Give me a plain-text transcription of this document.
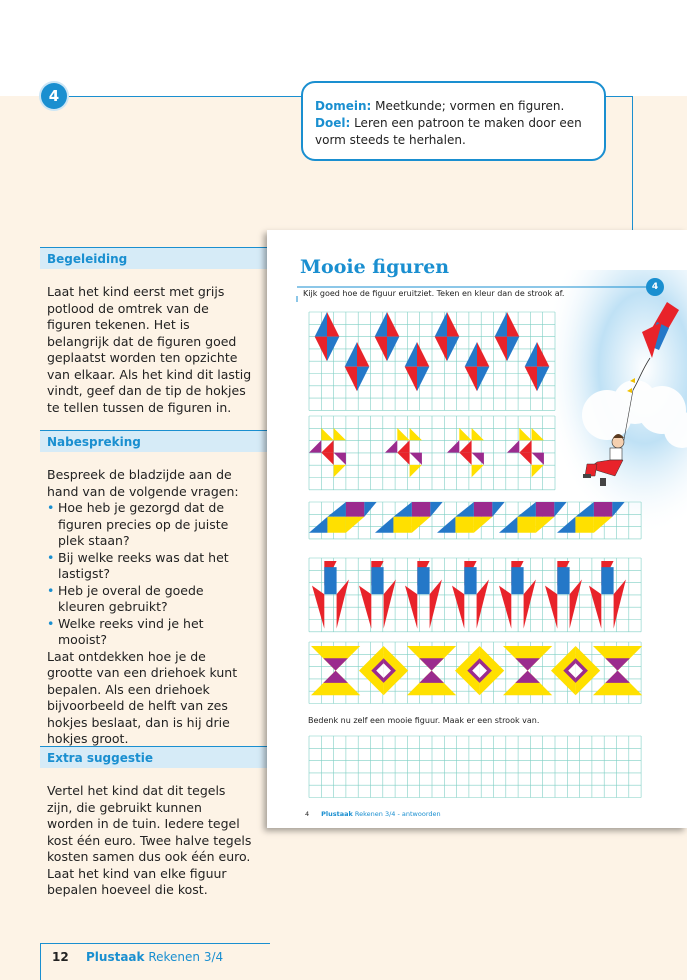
4
Domein: Meetkunde; vormen en figuren.
Doel: Leren een patroon te maken door een vorm steeds te herhalen.
Begeleiding

Laat het kind eerst met grijs potlood de omtrek van de figuren tekenen. Het is belangrijk dat de figuren goed geplaatst worden ten opzichte van elkaar. Als het kind dit lastig vindt, geef dan de tip de hokjes te tellen tussen de figuren in.

Nabespreking

Bespreek de bladzijde aan de hand van de volgende vragen:

• Hoe heb je gezorgd dat de figuren precies op de juiste plek staan?

• Bij welke reeks was dat het lastigst?

• Heb je overal de goede kleuren gebruikt?

• Welke reeks vind je het mooist?

Laat ontdekken hoe je de grootte van een driehoek kunt bepalen. Als een driehoek bijvoorbeeld de helft van zes hokjes beslaat, dan is hij drie hokjes groot.

Extra suggestie

Vertel het kind dat dit tegels zijn, die gebruikt kunnen worden in de tuin. Iedere tegel kost één euro. Twee halve tegels kosten samen dus ook één euro. Laat het kind van elke figuur bepalen hoeveel die kost.

12 Plustaak Rekenen 3/4
Mooie figuren
4
Kijk goed hoe de figuur eruitziet. Teken en kleur dan de strook af.
Bedenk nu zelf een mooie figuur. Maak er een strook van.
4 Plustaak Rekenen 3/4 - antwoorden
